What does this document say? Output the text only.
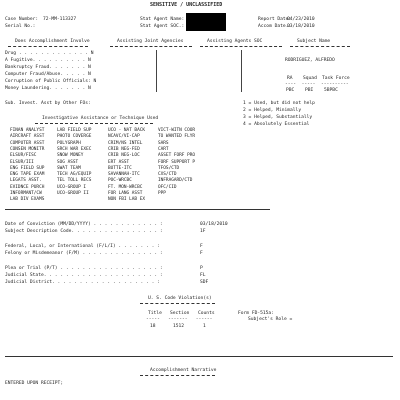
SENSITIVE / UNCLASSIFIED
Case Number: 72-MM-113327
Serial No.:
Stat Agent Name:
Stat Agent SOC.:
Report Date:
04/23/2010
Accom Date.:
03/18/2010
Does Accomplishment Involve	Assisting Joint Agencies	Assisting Agents SOC	Subject Name
Drug . . . . . . . . . . . . . N
A Fugitive. . . . . . . . . . N
Bankruptcy Fraud. . . . . . . N
Computer Fraud/Abuse. . . . . N
Corruption of Public Officials: N
Money Laundering. . . . . . . N
RODRIGUEZ, ALFREDO
RA Squad Task Force
----  -----  ----------
PBC PBI 5BPBC
Sub. Invest. Asst by Other FOs:	1 = Used, but did not help
2 = Helped, Minimally
3 = Helped, Substantially
4 = Absolutely Essential
Investigative Assistance or Technique Used
FINAN ANALYST
AIRCRAFT ASST
COMPUTER ASST
CONSEN MONITR
ELSUR/FISC
ELSUR/III
ENG FIELD SUP
ENG TAPE EXAM
LEGATS ASST.
EVIDNCE PURCH
INFORMANT/CW
LAB DIV EXAMS
LAB FIELD SUP
PHOTO COVERGE
POLYGRAPH
SRCH WAR EXEC
SNOW MONEY
SOG ASST
SWAT TEAM
TECH AG/EQUIP
TEL TOLL RECS
UCO-GROUP I
UCO-GROUP II
UCO - NAT BACK
NCAVC/VI-CAP
CRIM/NS INTEL
CRIB NEG-FED
CRIB NEG-LOC
ERT ASST
BUTTE-ITC
SAVANNAH-ITC
POC-WRCBC
FT. MON-WRCBC
FOR LANG ASST
NON FBI LAB EX
VICT-WITN COOR
TO WANTED FLYR
SARS
CART
ASSET FORF PRO
FORF SUPPORT P
TFOS/CTD
CXS/CTD
INFRAGARD/CTD
OFC/CID
PPP
Date of Conviction (MM/DD/YYYY) . . . . . . . . . . . . :	03/18/2010
Subject Description Code. . . . . . . . . . . . . . . . :	1F
Federal, Local, or International (F/L/I) . . . . . . . :	F
Felony or Misdemeanor (F/M) . . . . . . . . . . . . . . :	F
Plea or Trial (P/T) . . . . . . . . . . . . . . . . . . :	P
Judicial State. . . . . . . . . . . . . . . . . . . . . :	FL
Judicial District. . . . . . . . . . . . . . . . . . . :	SDF
U. S. Code Violation(s)
Title Section Counts
-----   -------   ------
18	1512	1
Form FD-515a:
Subject's Role =
Accomplishment Narrative
ENTERED UPON RECEIPT;
